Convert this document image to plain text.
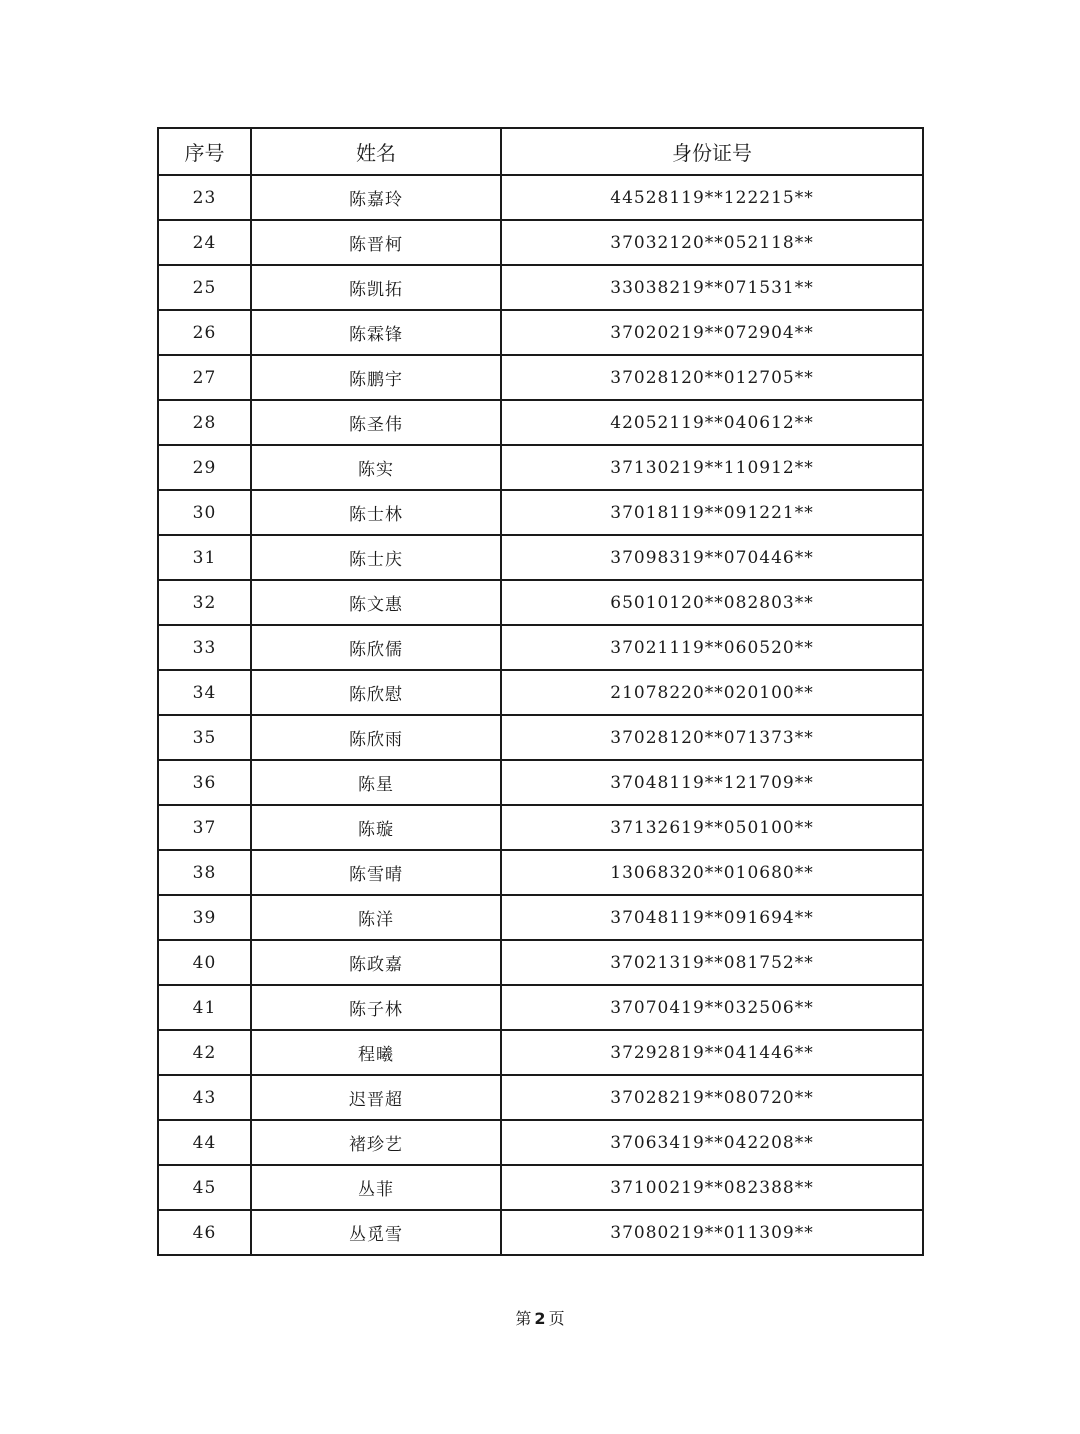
序号	姓名	身份证号
23	陈嘉玲	44528119**122215**
24	陈晋柯	37032120**052118**
25	陈凯拓	33038219**071531**
26	陈霖锋	37020219**072904**
27	陈鹏宇	37028120**012705**
28	陈圣伟	42052119**040612**
29	陈实	37130219**110912**
30	陈士林	37018119**091221**
31	陈士庆	37098319**070446**
32	陈文惠	65010120**082803**
33	陈欣儒	37021119**060520**
34	陈欣慰	21078220**020100**
35	陈欣雨	37028120**071373**
36	陈星	37048119**121709**
37	陈璇	37132619**050100**
38	陈雪晴	13068320**010680**
39	陈洋	37048119**091694**
40	陈政嘉	37021319**081752**
41	陈子林	37070419**032506**
42	程曦	37292819**041446**
43	迟晋超	37028219**080720**
44	褚珍艺	37063419**042208**
45	丛菲	37100219**082388**
46	丛觅雪	37080219**011309**
第 2 页
